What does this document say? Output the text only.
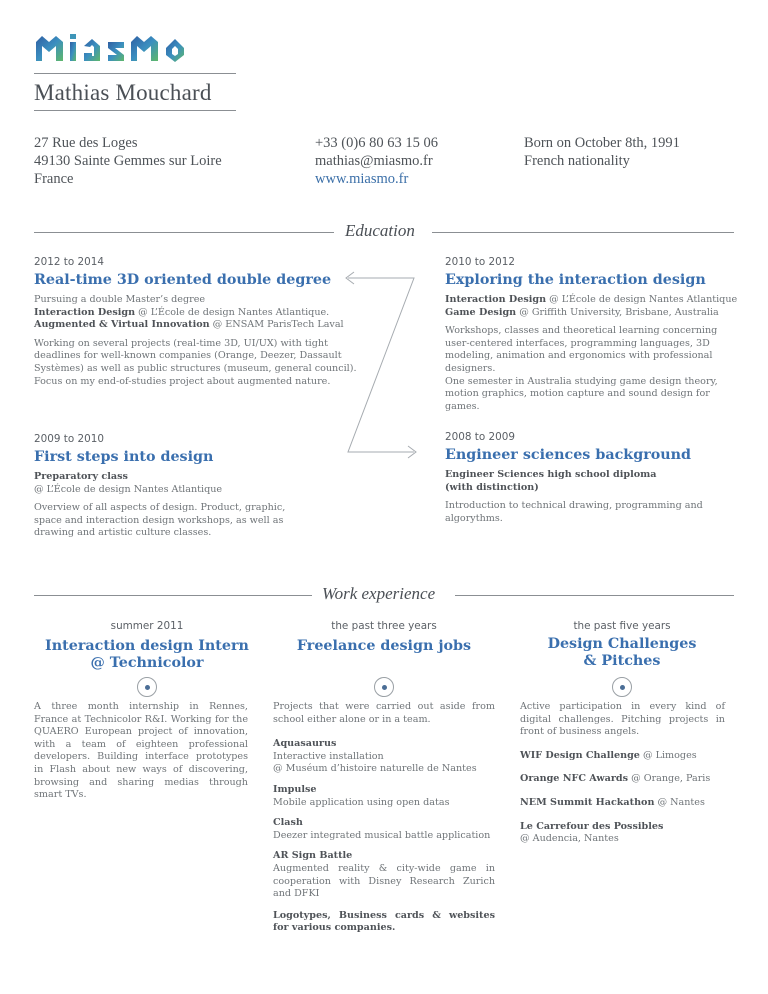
Mathias Mouchard
27 Rue des Loges
49130 Sainte Gemmes sur Loire
France
+33 (0)6 80 63 15 06
mathias@miasmo.fr
www.miasmo.fr
Born on October 8th, 1991
French nationality
Education
2012 to 2014
Real-time 3D oriented double degree
Pursuing a double Master’s degree
Interaction Design @ L’École de design Nantes Atlantique.
Augmented & Virtual Innovation @ ENSAM ParisTech Laval
Working on several projects (real-time 3D, UI/UX) with tight
deadlines for well-known companies (Orange, Deezer, Dassault
Systèmes) as well as public structures (museum, general council).
Focus on my end-of-studies project about augmented nature.
2010 to 2012
Exploring the interaction design
Interaction Design @ L’École de design Nantes Atlantique
Game Design @ Griffith University, Brisbane, Australia
Workshops, classes and theoretical learning concerning
user-centered interfaces, programming languages, 3D
modeling, animation and ergonomics with professional
designers.
One semester in Australia studying game design theory,
motion graphics, motion capture and sound design for
games.
2009 to 2010
First steps into design
Preparatory class
@ L’École de design Nantes Atlantique
Overview of all aspects of design. Product, graphic,
space and interaction design workshops, as well as
drawing and artistic culture classes.
2008 to 2009
Engineer sciences background
Engineer Sciences high school diploma
(with distinction)
Introduction to technical drawing, programming and
algorythms.
Work experience
summer 2011
Interaction design Intern
@ Technicolor
A three month internship in Rennes, France at Technicolor R&I. Working for the QUAERO European project of innovation, with a team of eighteen professional developers. Building interface prototypes in Flash about new ways of discovering, browsing and sharing medias through smart TVs.
the past three years
Freelance design jobs
Projects that were carried out aside from school either alone or in a team.
Aquasaurus
Interactive installation
@ Muséum d’histoire naturelle de Nantes
Impulse
Mobile application using open datas
Clash
Deezer integrated musical battle application
AR Sign Battle
Augmented reality & city-wide game in cooperation with Disney Research Zurich and DFKI
Logotypes, Business cards & websites for various companies.
the past five years
Design Challenges
& Pitches
Active participation in every kind of digital challenges. Pitching projects in front of business angels.
WIF Design Challenge @ Limoges
Orange NFC Awards @ Orange, Paris
NEM Summit Hackathon @ Nantes
Le Carrefour des Possibles
@ Audencia, Nantes
